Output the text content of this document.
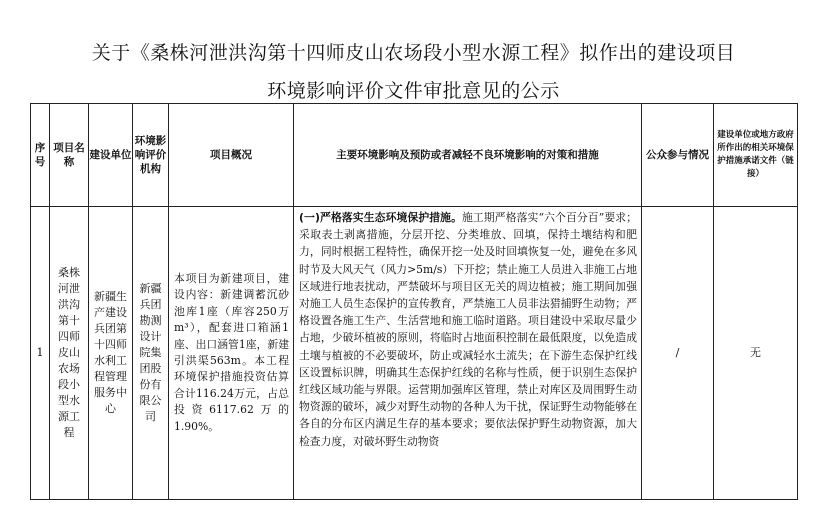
关于《桑株河泄洪沟第十四师皮山农场段小型水源工程》拟作出的建设项目
环境影响评价文件审批意见的公示
序号	项目名称	建设单位	环境影响评价机构	项目概况	主要环境影响及预防或者减轻不良环境影响的对策和措施	公众参与情况	建设单位或地方政府所作出的相关环境保护措施承诺文件（链接）
1	桑株河泄洪沟第十四师皮山农场段小型水源工程	新疆生产建设兵团第十四师水利工程管理服务中心	新疆兵团勘测设计院集团股份有限公司	本项目为新建项目，建设内容：新建调蓄沉砂池库1座（库容250万m³），配套进口箱涵1座、出口涵管1座，新建引洪渠563m。本工程环境保护措施投资估算合计116.24万元，占总投资6117.62万的1.90%。	(一)严格落实生态环境保护措施。施工期严格落实“六个百分百”要求；采取表土剥离措施，分层开挖、分类堆放、回填，保持土壤结构和肥力，同时根据工程特性，确保开挖一处及时回填恢复一处，避免在多风时节及大风天气（风力>5m/s）下开挖；禁止施工人员进入非施工占地区域进行地表扰动，严禁破坏与项目区无关的周边植被；施工期间加强对施工人员生态保护的宣传教育，严禁施工人员非法猎捕野生动物；严格设置各施工生产、生活营地和施工临时道路。项目建设中采取尽量少占地，少破坏植被的原则，将临时占地面积控制在最低限度，以免造成土壤与植被的不必要破坏，防止或减轻水土流失；在下游生态保护红线区设置标识牌，明确其生态保护红线的名称与性质，便于识别生态保护红线区域功能与界限。运营期加强库区管理，禁止对库区及周围野生动物资源的破坏，减少对野生动物的各种人为干扰，保证野生动物能够在各自的分布区内满足生存的基本要求；要依法保护野生动物资源，加大检查力度，对破坏野生动物资	/	无
